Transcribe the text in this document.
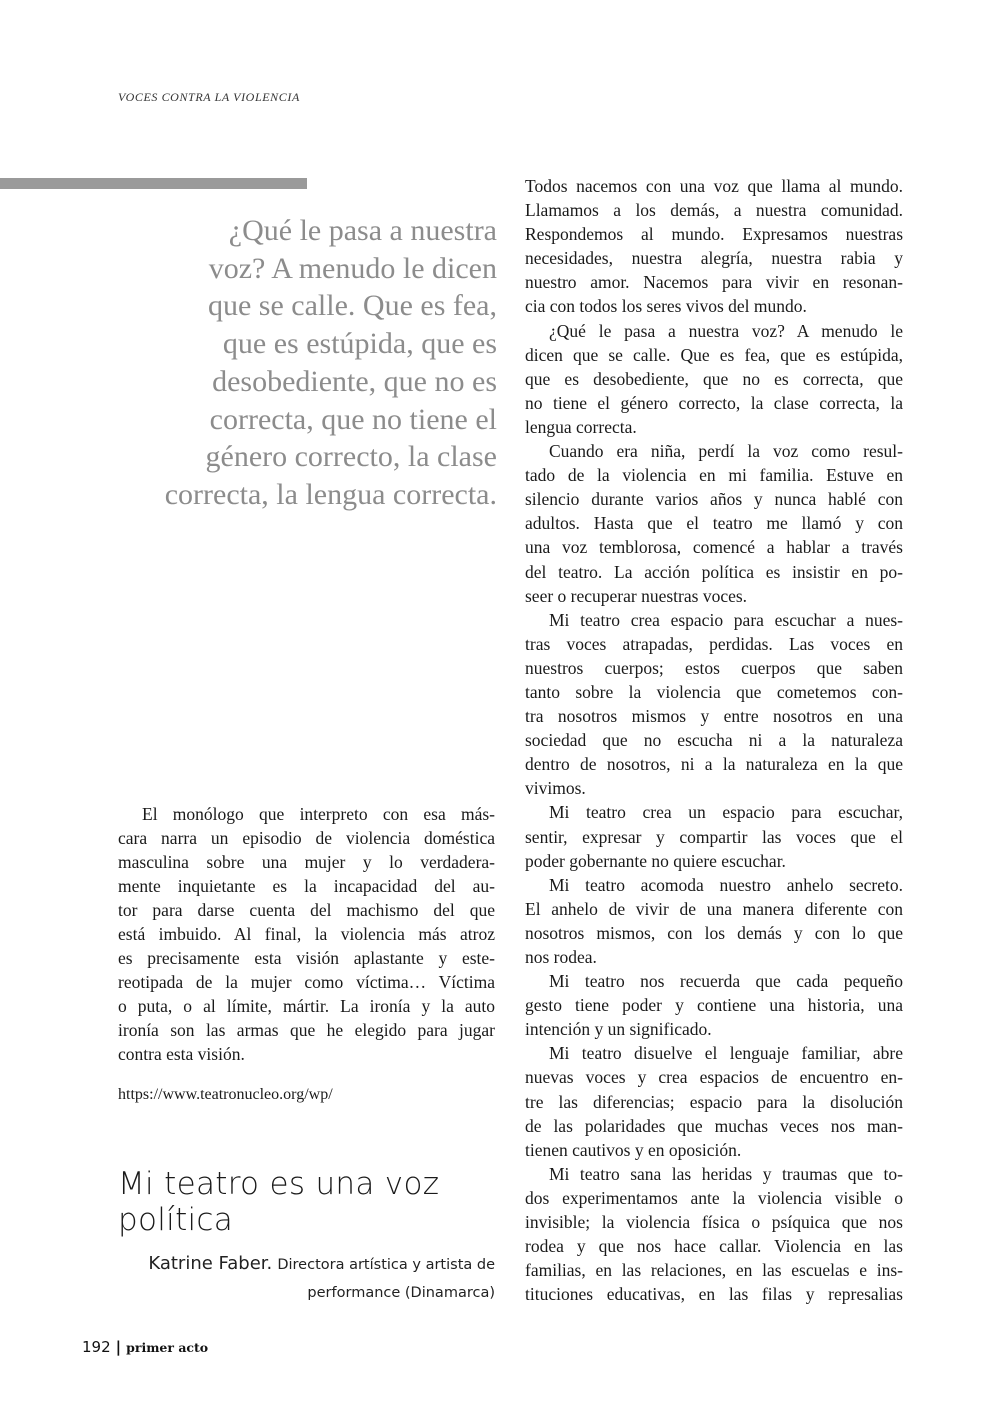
VOCES CONTRA LA VIOLENCIA
¿Qué le pasa a nuestra
voz? A menudo le dicen
que se calle. Que es fea,
que es estúpida, que es
desobediente, que no es
correcta, que no tiene el
género correcto, la clase
correcta, la lengua correcta.
El monólogo que interpreto con esa más-
cara narra un episodio de violencia doméstica
masculina sobre una mujer y lo verdadera-
mente inquietante es la incapacidad del au-
tor para darse cuenta del machismo del que
está imbuido. Al final, la violencia más atroz
es precisamente esta visión aplastante y este-
reotipada de la mujer como víctima… Víctima
o puta, o al límite, mártir. La ironía y la auto
ironía son las armas que he elegido para jugar
contra esta visión.
https://www.teatronucleo.org/wp/
Mi teatro es una voz política
Katrine Faber. Directora artística y artista de
performance (Dinamarca)
Todos nacemos con una voz que llama al mundo.
Llamamos a los demás, a nuestra comunidad.
Respondemos al mundo. Expresamos nuestras
necesidades, nuestra alegría, nuestra rabia y
nuestro amor. Nacemos para vivir en resonan-
cia con todos los seres vivos del mundo.
¿Qué le pasa a nuestra voz? A menudo le
dicen que se calle. Que es fea, que es estúpida,
que es desobediente, que no es correcta, que
no tiene el género correcto, la clase correcta, la
lengua correcta.
Cuando era niña, perdí la voz como resul-
tado de la violencia en mi familia. Estuve en
silencio durante varios años y nunca hablé con
adultos. Hasta que el teatro me llamó y con
una voz temblorosa, comencé a hablar a través
del teatro. La acción política es insistir en po-
seer o recuperar nuestras voces.
Mi teatro crea espacio para escuchar a nues-
tras voces atrapadas, perdidas. Las voces en
nuestros cuerpos; estos cuerpos que saben
tanto sobre la violencia que cometemos con-
tra nosotros mismos y entre nosotros en una
sociedad que no escucha ni a la naturaleza
dentro de nosotros, ni a la naturaleza en la que
vivimos.
Mi teatro crea un espacio para escuchar,
sentir, expresar y compartir las voces que el
poder gobernante no quiere escuchar.
Mi teatro acomoda nuestro anhelo secreto.
El anhelo de vivir de una manera diferente con
nosotros mismos, con los demás y con lo que
nos rodea.
Mi teatro nos recuerda que cada pequeño
gesto tiene poder y contiene una historia, una
intención y un significado.
Mi teatro disuelve el lenguaje familiar, abre
nuevas voces y crea espacios de encuentro en-
tre las diferencias; espacio para la disolución
de las polaridades que muchas veces nos man-
tienen cautivos y en oposición.
Mi teatro sana las heridas y traumas que to-
dos experimentamos ante la violencia visible o
invisible; la violencia física o psíquica que nos
rodea y que nos hace callar. Violencia en las
familias, en las relaciones, en las escuelas e ins-
tituciones educativas, en las filas y represalias
192 | primer acto
